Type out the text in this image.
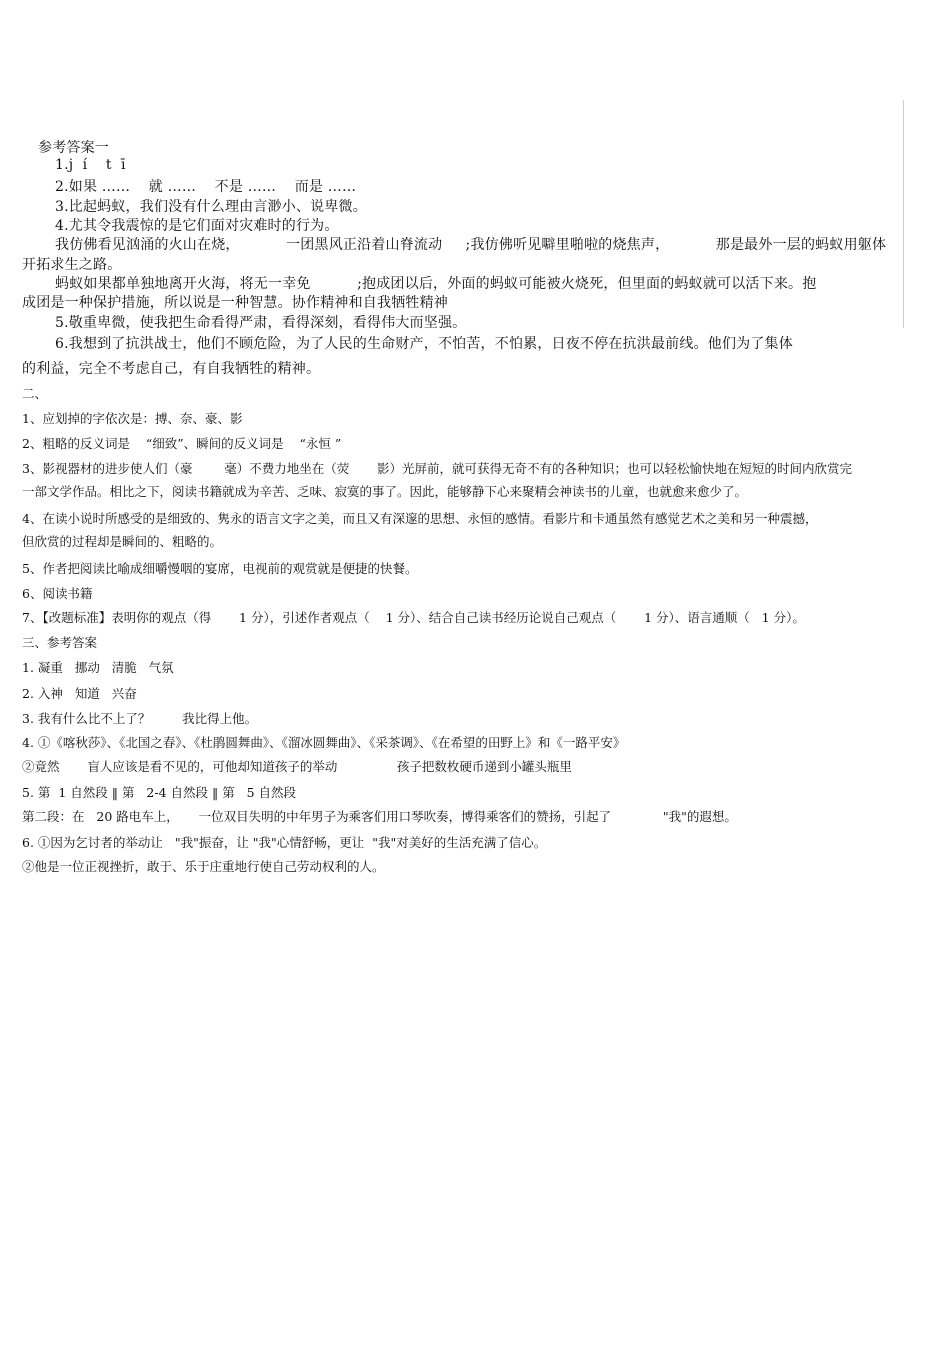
参考答案一
1.j  í    t  ī
2.如果 ……    就 ……    不是 ……    而是 ……
3.比起蚂蚁，我们没有什么理由言渺小、说卑微。
4.尤其令我震惊的是它们面对灾难时的行为。
我仿佛看见汹涌的火山在烧，          一团黑风正沿着山脊流动     ;我仿佛听见噼里啪啦的烧焦声，          那是最外一层的蚂蚁用躯体
开拓求生之路。
蚂蚁如果都单独地离开火海，将无一幸免          ;抱成团以后，外面的蚂蚁可能被火烧死，但里面的蚂蚁就可以活下来。抱
成团是一种保护措施，所以说是一种智慧。协作精神和自我牺牲精神
5.敬重卑微，使我把生命看得严肃，看得深刻，看得伟大而坚强。
6.我想到了抗洪战士，他们不顾危险，为了人民的生命财产，不怕苦，不怕累，日夜不停在抗洪最前线。他们为了集体
的利益，完全不考虑自己，有自我牺牲的精神。
二、
1、应划掉的字依次是：搏、奈、豪、影
2、粗略的反义词是    “细致”、瞬间的反义词是    “永恒 ”
3、影视器材的进步使人们（豪        毫）不费力地坐在（荧       影）光屏前，就可获得无奇不有的各种知识；也可以轻松愉快地在短短的时间内欣赏完
一部文学作品。相比之下，阅读书籍就成为辛苦、乏味、寂寞的事了。因此，能够静下心来聚精会神读书的儿童，也就愈来愈少了。
4、在读小说时所感受的是细致的、隽永的语言文字之美，而且又有深邃的思想、永恒的感情。看影片和卡通虽然有感觉艺术之美和另一种震撼，
但欣赏的过程却是瞬间的、粗略的。
5、作者把阅读比喻成细嚼慢咽的宴席，电视前的观赏就是便捷的快餐。
6、阅读书籍
7、【改题标准】表明你的观点（得       1 分），引述作者观点（    1 分）、结合自己读书经历论说自己观点（       1 分）、语言通顺（   1 分）。
三、参考答案
1. 凝重   挪动   清脆   气氛
2. 入神   知道   兴奋
3. 我有什么比不上了？        我比得上他。
4. ①《喀秋莎》、《北国之春》、《杜鹃圆舞曲》、《溜冰圆舞曲》、《采茶调》、《在希望的田野上》和《一路平安》
②竟然       盲人应该是看不见的，可他却知道孩子的举动               孩子把数枚硬币递到小罐头瓶里
5. 第  1 自然段 ‖ 第   2-4 自然段 ‖ 第   5 自然段
第二段：在   20 路电车上，     一位双目失明的中年男子为乘客们用口琴吹奏，博得乘客们的赞扬，引起了             "我"的遐想。
6. ①因为乞讨者的举动让   "我"振奋，让 "我"心情舒畅，更让  "我"对美好的生活充满了信心。
②他是一位正视挫折，敢于、乐于庄重地行使自己劳动权利的人。
